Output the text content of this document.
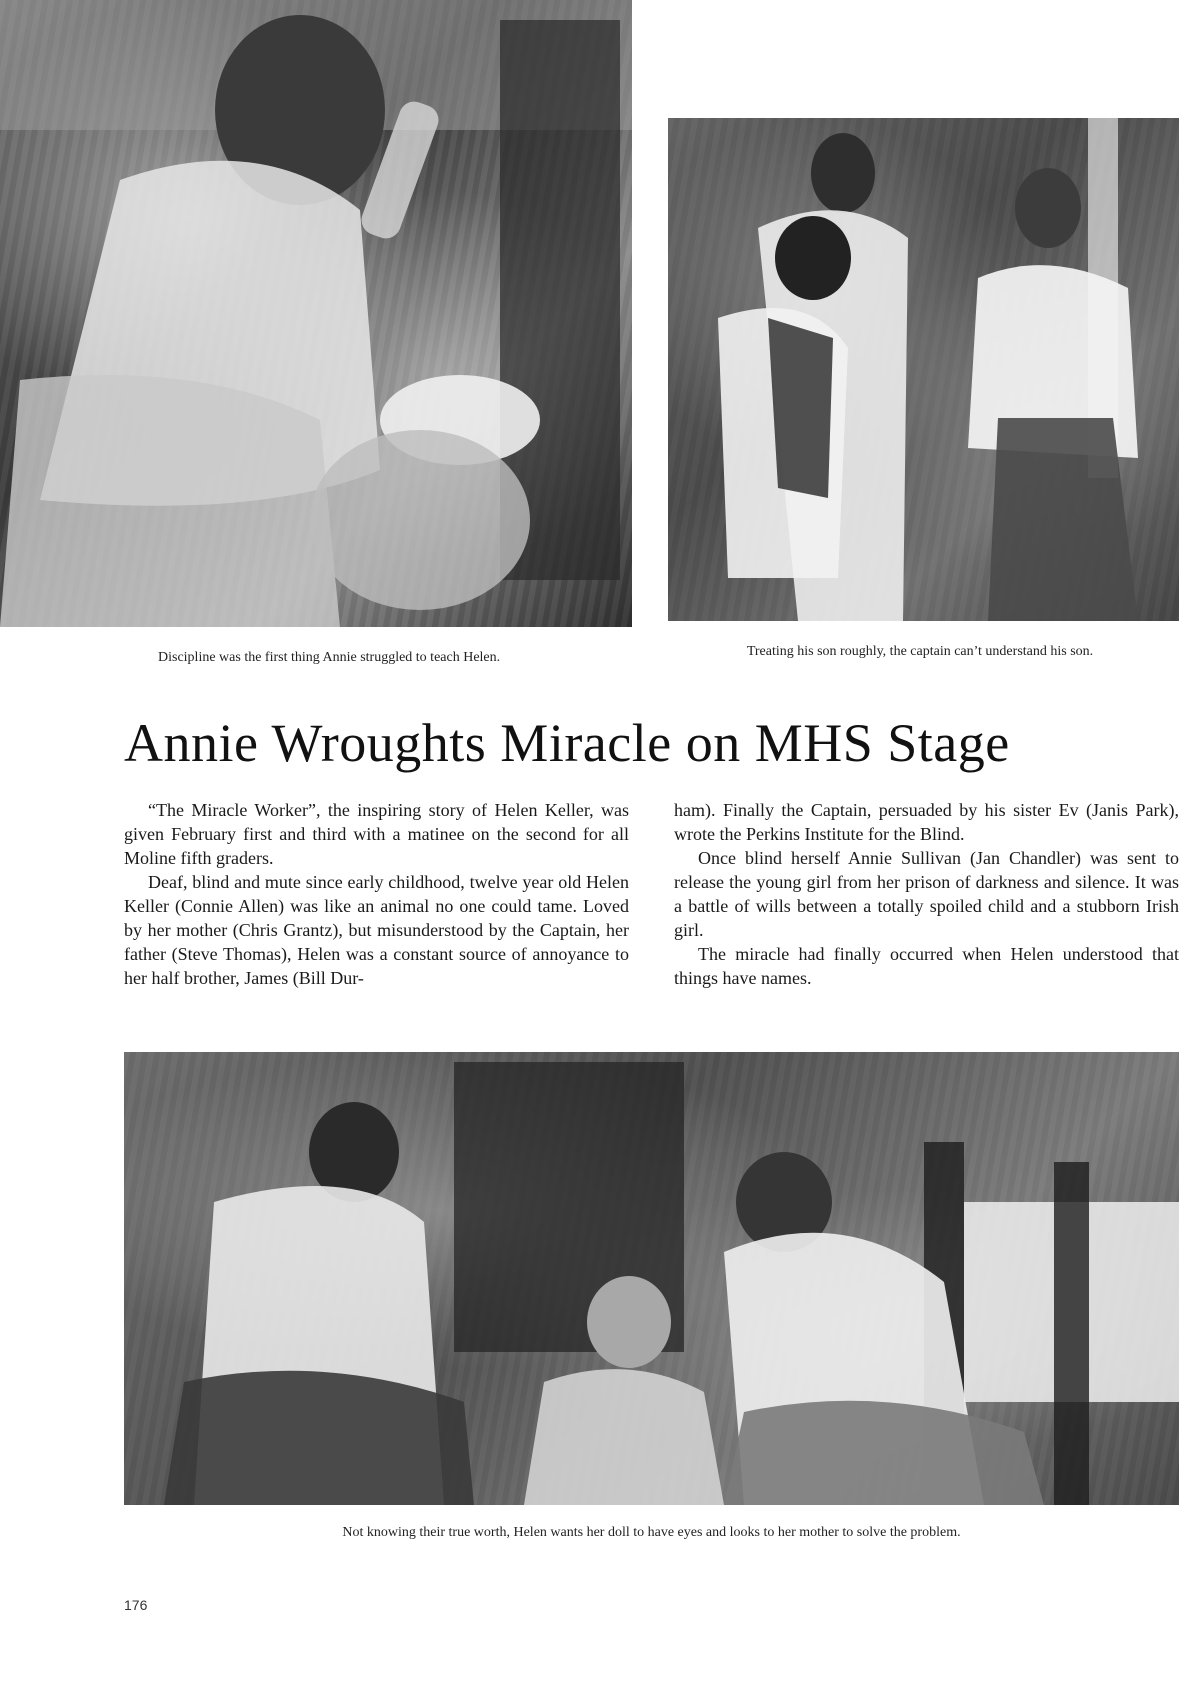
Discipline was the first thing Annie struggled to teach Helen.	Treating his son roughly, the captain can’t understand his son.
Annie Wroughts Miracle on MHS Stage

“The Miracle Worker”, the inspiring story of Helen Keller, was given February first and third with a matinee on the second for all Moline fifth graders.

Deaf, blind and mute since early childhood, twelve year old Helen Keller (Connie Allen) was like an animal no one could tame. Loved by her mother (Chris Grantz), but misunderstood by the Captain, her father (Steve Thomas), Helen was a constant source of annoyance to her half brother, James (Bill Dur-

ham). Finally the Captain, persuaded by his sister Ev (Janis Park), wrote the Perkins Institute for the Blind.

Once blind herself Annie Sullivan (Jan Chandler) was sent to release the young girl from her prison of darkness and silence. It was a battle of wills between a totally spoiled child and a stubborn Irish girl.

The miracle had finally occurred when Helen understood that things have names.

Not knowing their true worth, Helen wants her doll to have eyes and looks to her mother to solve the problem.
176
